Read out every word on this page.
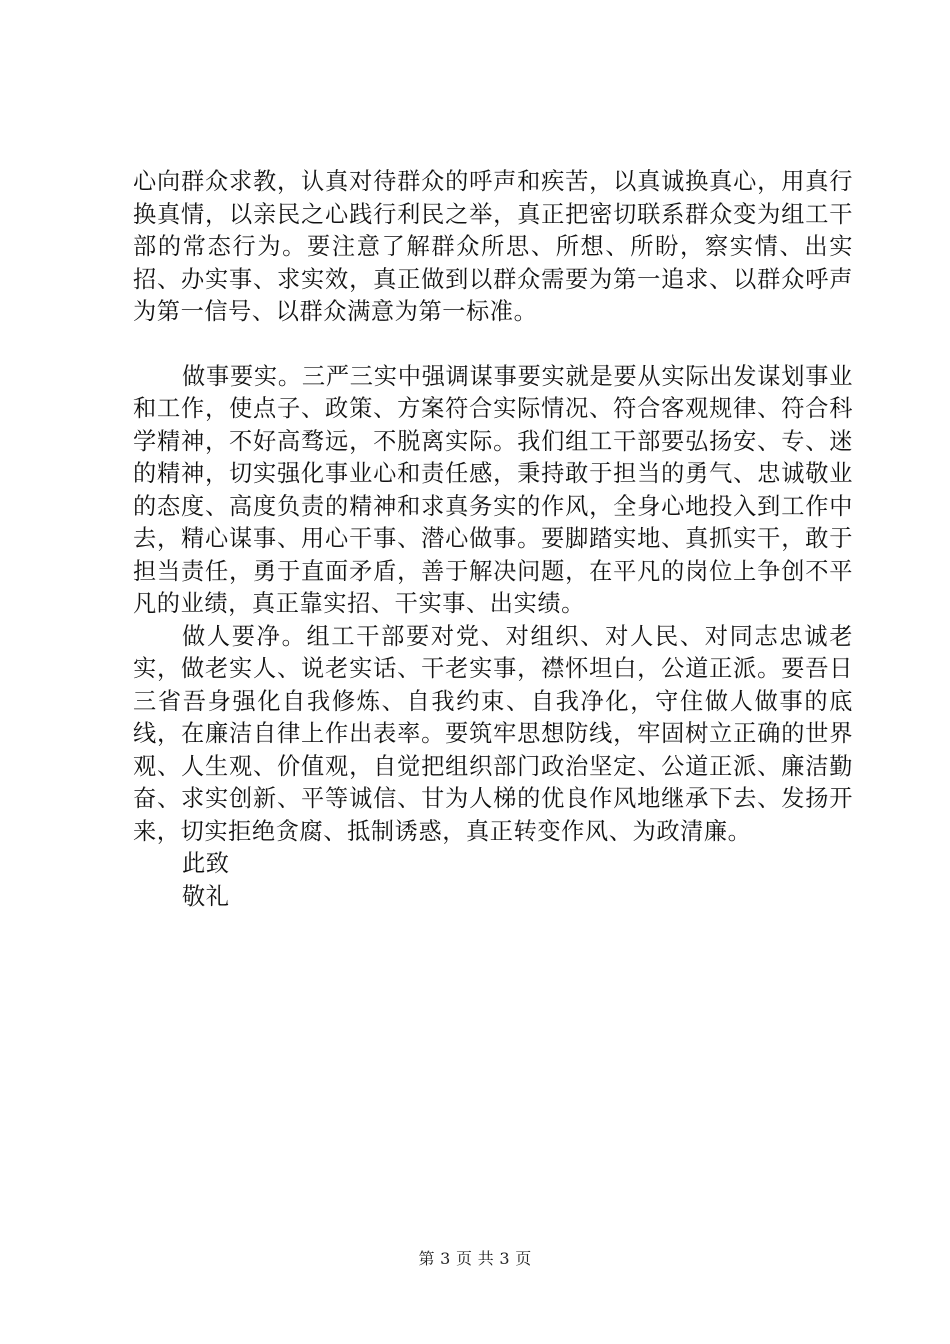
心向群众求教，认真对待群众的呼声和疾苦，以真诚换真心，用真行换真情，以亲民之心践行利民之举，真正把密切联系群众变为组工干部的常态行为。要注意了解群众所思、所想、所盼，察实情、出实招、办实事、求实效，真正做到以群众需要为第一追求、以群众呼声为第一信号、以群众满意为第一标准。

做事要实。三严三实中强调谋事要实就是要从实际出发谋划事业和工作，使点子、政策、方案符合实际情况、符合客观规律、符合科学精神，不好高骛远，不脱离实际。我们组工干部要弘扬安、专、迷的精神，切实强化事业心和责任感，秉持敢于担当的勇气、忠诚敬业的态度、高度负责的精神和求真务实的作风，全身心地投入到工作中去，精心谋事、用心干事、潜心做事。要脚踏实地、真抓实干，敢于担当责任，勇于直面矛盾，善于解决问题，在平凡的岗位上争创不平凡的业绩，真正靠实招、干实事、出实绩。

做人要净。组工干部要对党、对组织、对人民、对同志忠诚老实，做老实人、说老实话、干老实事，襟怀坦白，公道正派。要吾日三省吾身强化自我修炼、自我约束、自我净化，守住做人做事的底线，在廉洁自律上作出表率。要筑牢思想防线，牢固树立正确的世界观、人生观、价值观，自觉把组织部门政治坚定、公道正派、廉洁勤奋、求实创新、平等诚信、甘为人梯的优良作风地继承下去、发扬开来，切实拒绝贪腐、抵制诱惑，真正转变作风、为政清廉。

此致

敬礼

第 3 页 共 3 页
